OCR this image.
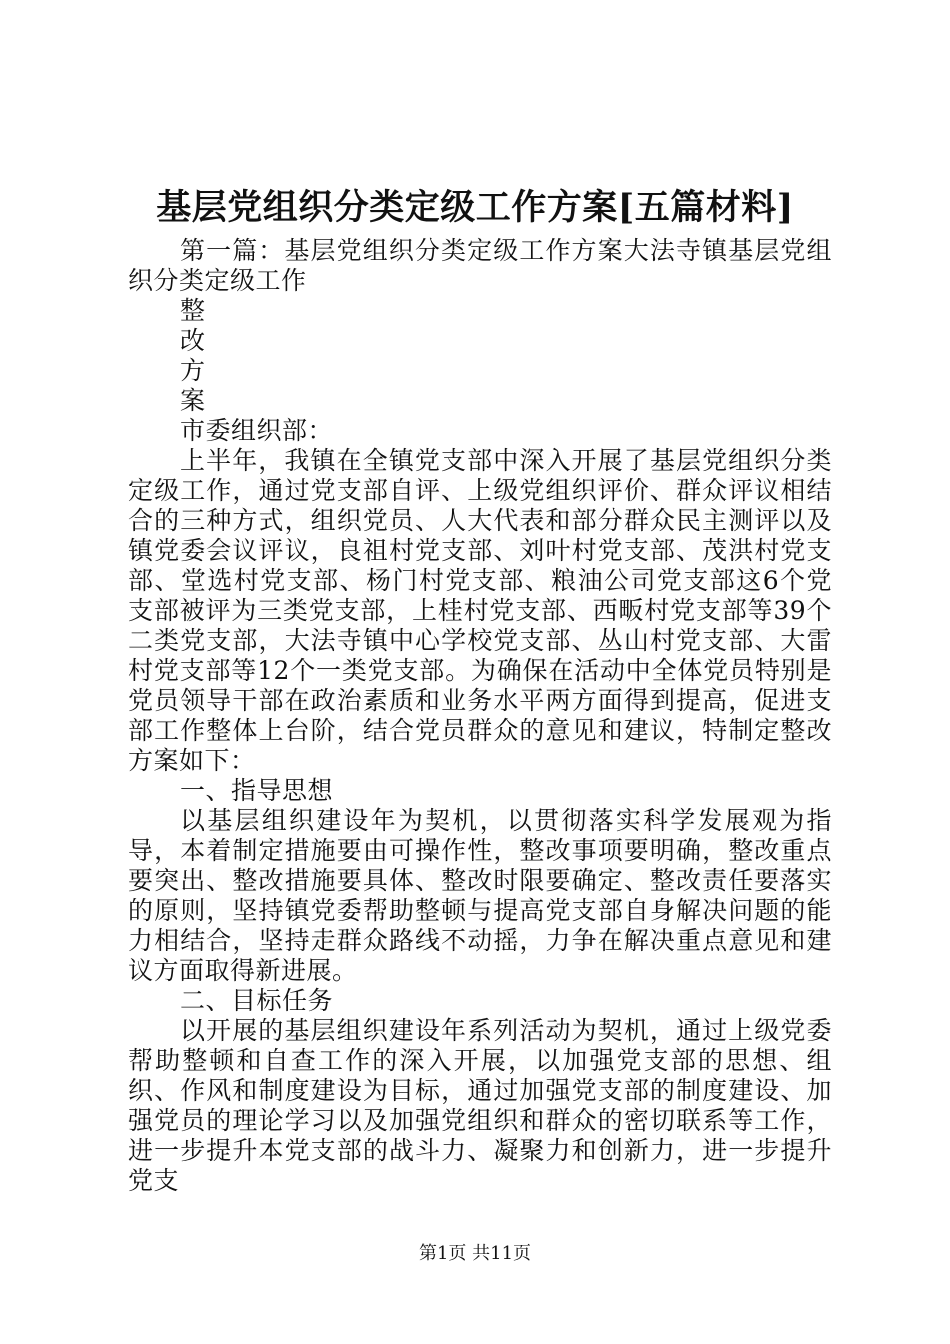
基层党组织分类定级工作方案[五篇材料]

第一篇：基层党组织分类定级工作方案大法寺镇基层党组织分类定级工作

整

改

方

案

市委组织部：

上半年，我镇在全镇党支部中深入开展了基层党组织分类定级工作，通过党支部自评、上级党组织评价、群众评议相结合的三种方式，组织党员、人大代表和部分群众民主测评以及镇党委会议评议，良祖村党支部、刘叶村党支部、茂洪村党支部、堂选村党支部、杨门村党支部、粮油公司党支部这6个党支部被评为三类党支部，上桂村党支部、西畈村党支部等39个二类党支部，大法寺镇中心学校党支部、丛山村党支部、大雷村党支部等12个一类党支部。为确保在活动中全体党员特别是党员领导干部在政治素质和业务水平两方面得到提高，促进支部工作整体上台阶，结合党员群众的意见和建议，特制定整改方案如下：

一、指导思想

以基层组织建设年为契机，以贯彻落实科学发展观为指导，本着制定措施要由可操作性，整改事项要明确，整改重点要突出、整改措施要具体、整改时限要确定、整改责任要落实的原则，坚持镇党委帮助整顿与提高党支部自身解决问题的能力相结合，坚持走群众路线不动摇，力争在解决重点意见和建议方面取得新进展。

二、目标任务

以开展的基层组织建设年系列活动为契机，通过上级党委帮助整顿和自查工作的深入开展，以加强党支部的思想、组织、作风和制度建设为目标，通过加强党支部的制度建设、加强党员的理论学习以及加强党组织和群众的密切联系等工作，进一步提升本党支部的战斗力、凝聚力和创新力，进一步提升党支

第1页 共11页
